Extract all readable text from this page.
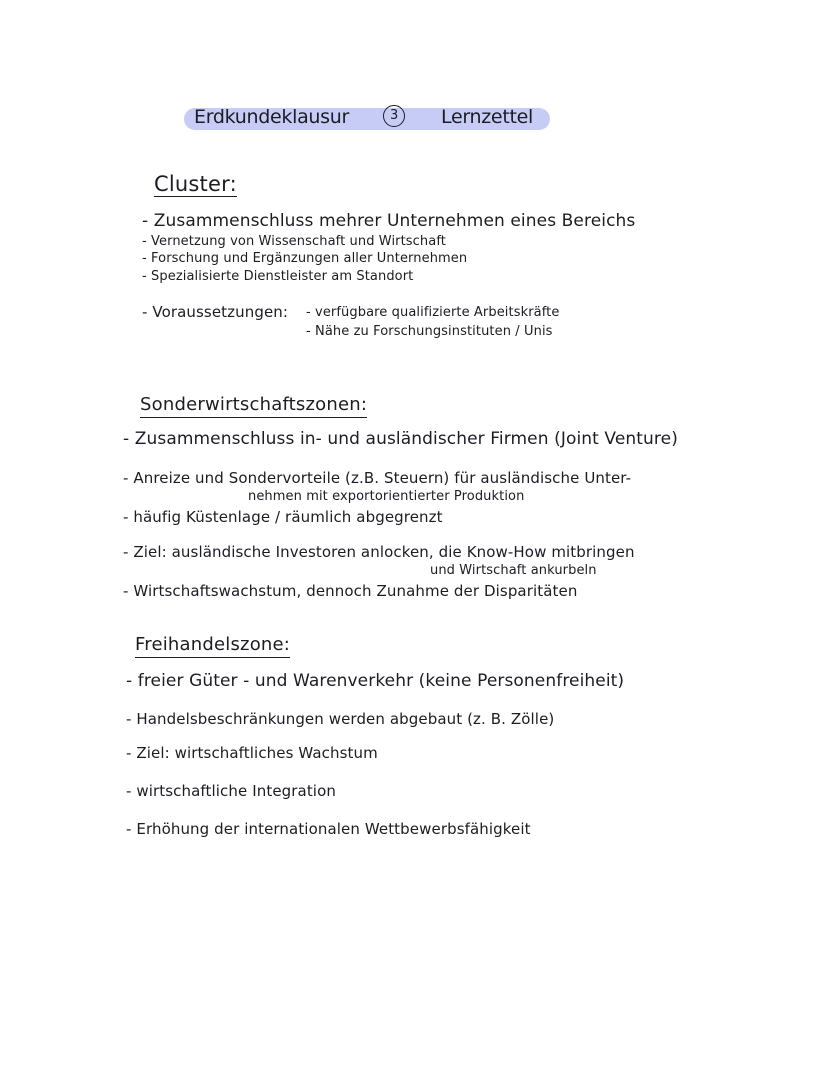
Erdkundeklausur	3	Lernzettel
Cluster:
- Zusammenschluss mehrer Unternehmen eines Bereichs
- Vernetzung von Wissenschaft und Wirtschaft
- Forschung und Ergänzungen aller Unternehmen
- Spezialisierte Dienstleister am Standort
- Voraussetzungen: - verfügbare qualifizierte Arbeitskräfte
- Nähe zu Forschungsinstituten / Unis
Sonderwirtschaftszonen:
- Zusammenschluss in- und ausländischer Firmen (Joint Venture)
- Anreize und Sondervorteile (z.B. Steuern) für ausländische Unter-
nehmen mit exportorientierter Produktion
- häufig Küstenlage / räumlich abgegrenzt
- Ziel: ausländische Investoren anlocken, die Know-How mitbringen
und Wirtschaft ankurbeln
- Wirtschaftswachstum, dennoch Zunahme der Disparitäten
Freihandelszone:
- freier Güter - und Warenverkehr (keine Personenfreiheit)
- Handelsbeschränkungen werden abgebaut (z. B. Zölle)
- Ziel: wirtschaftliches Wachstum
- wirtschaftliche Integration
- Erhöhung der internationalen Wettbewerbsfähigkeit
